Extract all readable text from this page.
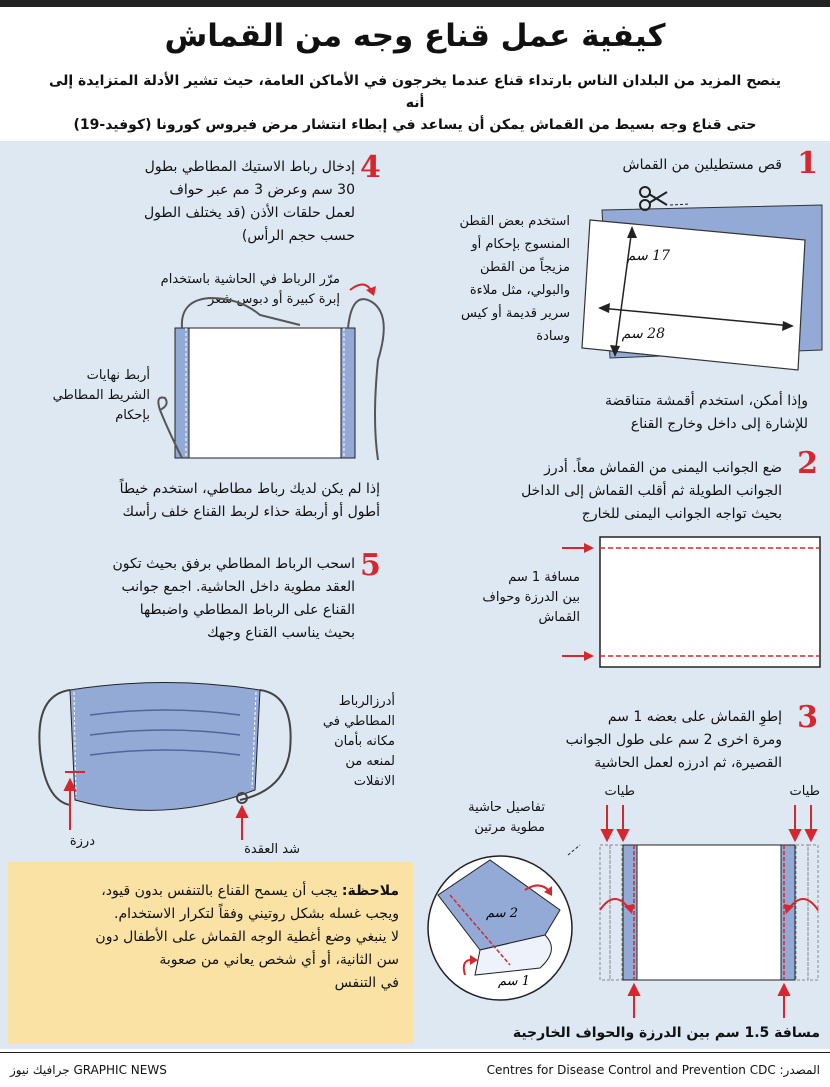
كيفية عمل قناع وجه من القماش
ينصح المزيد من البلدان الناس بارتداء قناع عندما يخرجون في الأماكن العامة، حيث تشير الأدلة المتزايدة إلى أنه
حتى قناع وجه بسيط من القماش يمكن أن يساعد في إبطاء انتشار مرض فيروس كورونا (كوفيد-19)
1
قص مستطيلين من القماش
استخدم بعض القطن
المنسوج بإحكام أو
مزيجاً من القطن
والبولي، مثل ملاءة
سرير قديمة أو كيس
وسادة
17 سم
28 سم
وإذا أمكن، استخدم أقمشة متناقضة
للإشارة إلى داخل وخارج القناع
2
ضع الجوانب اليمنى من القماش معاً. أدرز
الجوانب الطويلة ثم أقلب القماش إلى الداخل
بحيث تواجه الجوانب اليمنى للخارج
مسافة 1 سم
بين الدرزة وحواف
القماش
3
إطوِ القماش على بعضه 1 سم
ومرة اخرى 2 سم على طول الجوانب
القصيرة، ثم ادرزه لعمل الحاشية
طيات	طيات
تفاصيل حاشية
مطوية مرتين
2 سم
1 سم
مسافة 1.5 سم بين الدرزة والحواف الخارجية
4
إدخال رباط الاستيك المطاطي بطول
30 سم وعرض 3 مم عبر حواف
لعمل حلقات الأذن (قد يختلف الطول
حسب حجم الرأس)
مرّر الرباط في الحاشية باستخدام
إبرة كبيرة أو دبوس شعر
أربط نهايات
الشريط المطاطي
بإحكام
إذا لم يكن لديك رباط مطاطي، استخدم خيطاً
أطول أو أربطة حذاء لربط القناع خلف رأسك
5
اسحب الرباط المطاطي برفق بحيث تكون
العقد مطوية داخل الحاشية. اجمع جوانب
القناع على الرباط المطاطي واضبطها
بحيث يناسب القناع وجهك
أدرزالرباط
المطاطي في
مكانه بأمان
لمنعه من
الانفلات
درزة
شد العقدة
ملاحظة: يجب أن يسمح القناع بالتنفس بدون قيود،
ويجب غسله بشكل روتيني وفقاً لتكرار الاستخدام.
لا ينبغي وضع أغطية الوجه القماش على الأطفال دون
سن الثانية، أو أي شخص يعاني من صعوبة
في التنفس
المصدر: Centres for Disease Control and Prevention CDC
GRAPHIC NEWS جرافيك نيوز
